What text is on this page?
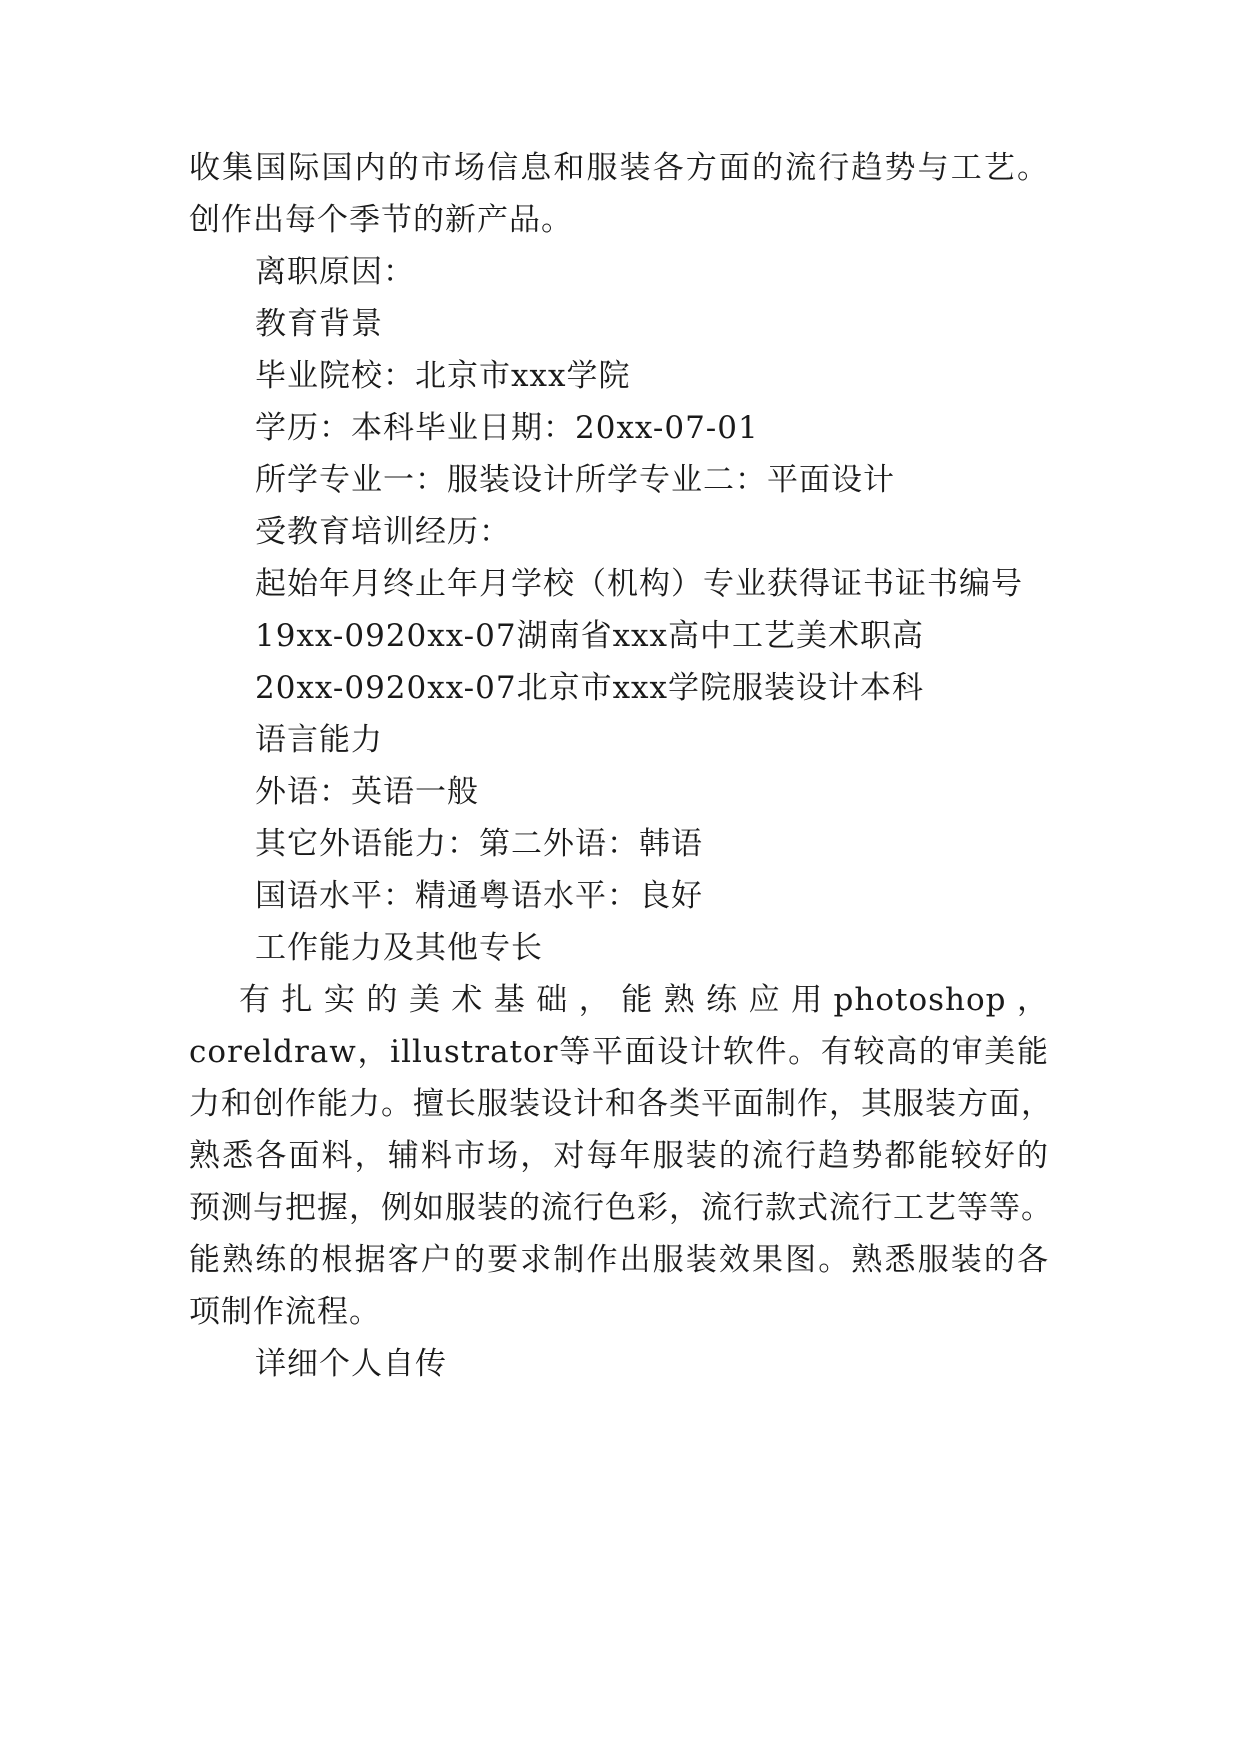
收集国际国内的市场信息和服装各方面的流行趋势与工艺。
创作出每个季节的新产品。
离职原因：
教育背景
毕业院校：北京市xxx学院
学历：本科毕业日期：20xx-07-01
所学专业一：服装设计所学专业二：平面设计
受教育培训经历：
起始年月终止年月学校（机构）专业获得证书证书编号
19xx-0920xx-07湖南省xxx高中工艺美术职高
20xx-0920xx-07北京市xxx学院服装设计本科
语言能力
外语：英语一般
其它外语能力：第二外语：韩语
国语水平：精通粤语水平：良好
工作能力及其他专长
有扎实的美术基础，能熟练应用photoshop，
coreldraw，illustrator等平面设计软件。有较高的审美能
力和创作能力。擅长服装设计和各类平面制作，其服装方面，
熟悉各面料，辅料市场，对每年服装的流行趋势都能较好的
预测与把握，例如服装的流行色彩，流行款式流行工艺等等。
能熟练的根据客户的要求制作出服装效果图。熟悉服装的各
项制作流程。
详细个人自传
